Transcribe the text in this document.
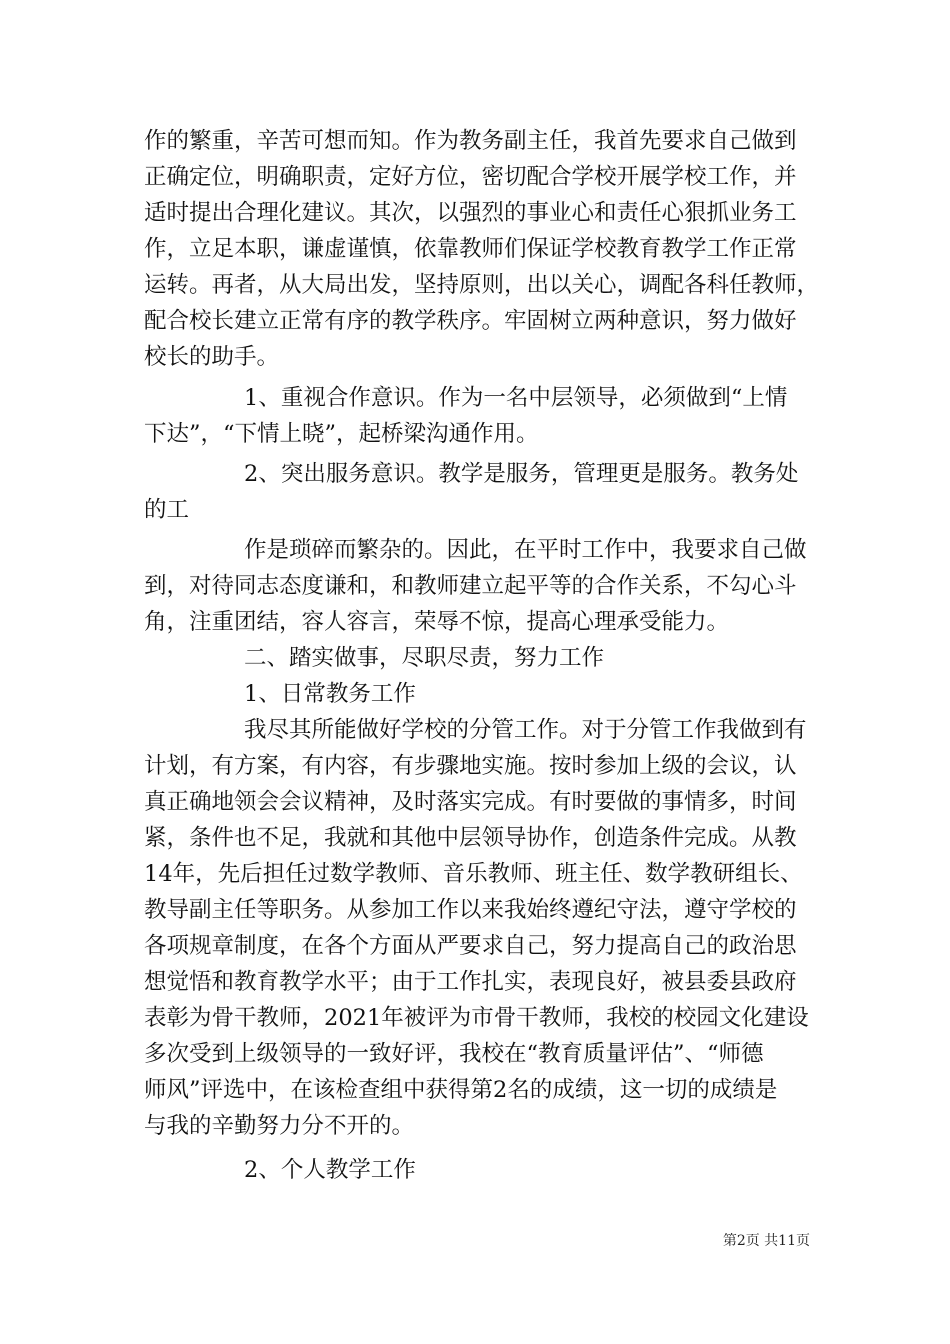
作的繁重，辛苦可想而知。作为教务副主任，我首先要求自己做到
正确定位，明确职责，定好方位，密切配合学校开展学校工作，并
适时提出合理化建议。其次，以强烈的事业心和责任心狠抓业务工
作，立足本职，谦虚谨慎，依靠教师们保证学校教育教学工作正常
运转。再者，从大局出发，坚持原则，出以关心，调配各科任教师，
配合校长建立正常有序的教学秩序。牢固树立两种意识，努力做好
校长的助手。
1、重视合作意识。作为一名中层领导，必须做到“上情
下达”，“下情上晓”，起桥梁沟通作用。
2、突出服务意识。教学是服务，管理更是服务。教务处
的工
作是琐碎而繁杂的。因此，在平时工作中，我要求自己做
到，对待同志态度谦和，和教师建立起平等的合作关系，不勾心斗
角，注重团结，容人容言，荣辱不惊，提高心理承受能力。
二、踏实做事，尽职尽责，努力工作
1、日常教务工作
我尽其所能做好学校的分管工作。对于分管工作我做到有
计划，有方案，有内容，有步骤地实施。按时参加上级的会议，认
真正确地领会会议精神，及时落实完成。有时要做的事情多，时间
紧，条件也不足，我就和其他中层领导协作，创造条件完成。从教
14年，先后担任过数学教师、音乐教师、班主任、数学教研组长、
教导副主任等职务。从参加工作以来我始终遵纪守法，遵守学校的
各项规章制度，在各个方面从严要求自己，努力提高自己的政治思
想觉悟和教育教学水平；由于工作扎实，表现良好，被县委县政府
表彰为骨干教师，2021年被评为市骨干教师，我校的校园文化建设
多次受到上级领导的一致好评，我校在“教育质量评估”、“师德
师风”评选中，在该检查组中获得第2名的成绩，这一切的成绩是
与我的辛勤努力分不开的。
2、个人教学工作
第2页 共11页
